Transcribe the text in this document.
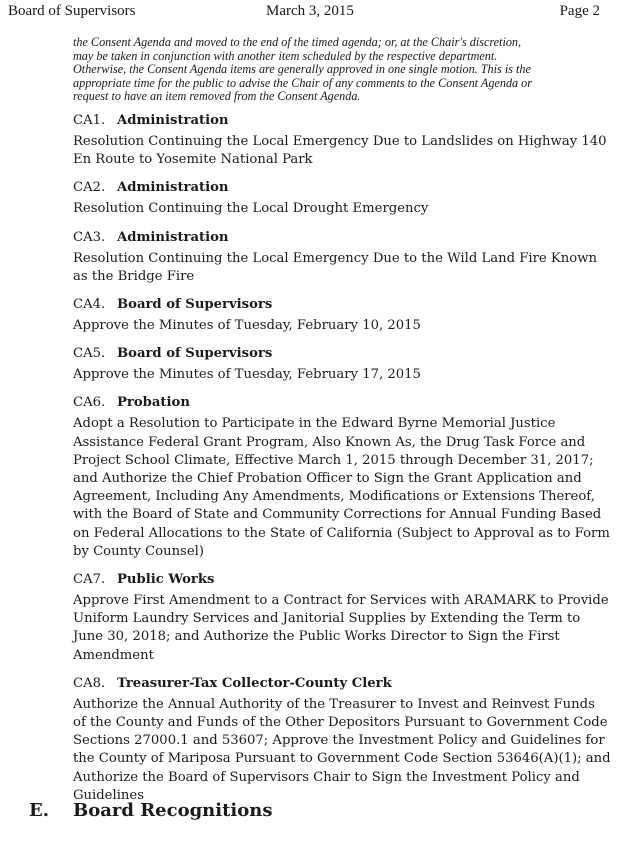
Board of Supervisors	March 3, 2015	Page 2
the Consent Agenda and moved to the end of the timed agenda; or, at the Chair's discretion,
may be taken in conjunction with another item scheduled by the respective department.
Otherwise, the Consent Agenda items are generally approved in one single motion. This is the
appropriate time for the public to advise the Chair of any comments to the Consent Agenda or
request to have an item removed from the Consent Agenda.
CA1. Administration
Resolution Continuing the Local Emergency Due to Landslides on Highway 140
En Route to Yosemite National Park
CA2. Administration
Resolution Continuing the Local Drought Emergency
CA3. Administration
Resolution Continuing the Local Emergency Due to the Wild Land Fire Known
as the Bridge Fire
CA4. Board of Supervisors
Approve the Minutes of Tuesday, February 10, 2015
CA5. Board of Supervisors
Approve the Minutes of Tuesday, February 17, 2015
CA6. Probation
Adopt a Resolution to Participate in the Edward Byrne Memorial Justice
Assistance Federal Grant Program, Also Known As, the Drug Task Force and
Project School Climate, Effective March 1, 2015 through December 31, 2017;
and Authorize the Chief Probation Officer to Sign the Grant Application and
Agreement, Including Any Amendments, Modifications or Extensions Thereof,
with the Board of State and Community Corrections for Annual Funding Based
on Federal Allocations to the State of California (Subject to Approval as to Form
by County Counsel)
CA7. Public Works
Approve First Amendment to a Contract for Services with ARAMARK to Provide
Uniform Laundry Services and Janitorial Supplies by Extending the Term to
June 30, 2018; and Authorize the Public Works Director to Sign the First
Amendment
CA8. Treasurer-Tax Collector-County Clerk
Authorize the Annual Authority of the Treasurer to Invest and Reinvest Funds
of the County and Funds of the Other Depositors Pursuant to Government Code
Sections 27000.1 and 53607; Approve the Investment Policy and Guidelines for
the County of Mariposa Pursuant to Government Code Section 53646(A)(1); and
Authorize the Board of Supervisors Chair to Sign the Investment Policy and
Guidelines
E. Board Recognitions
